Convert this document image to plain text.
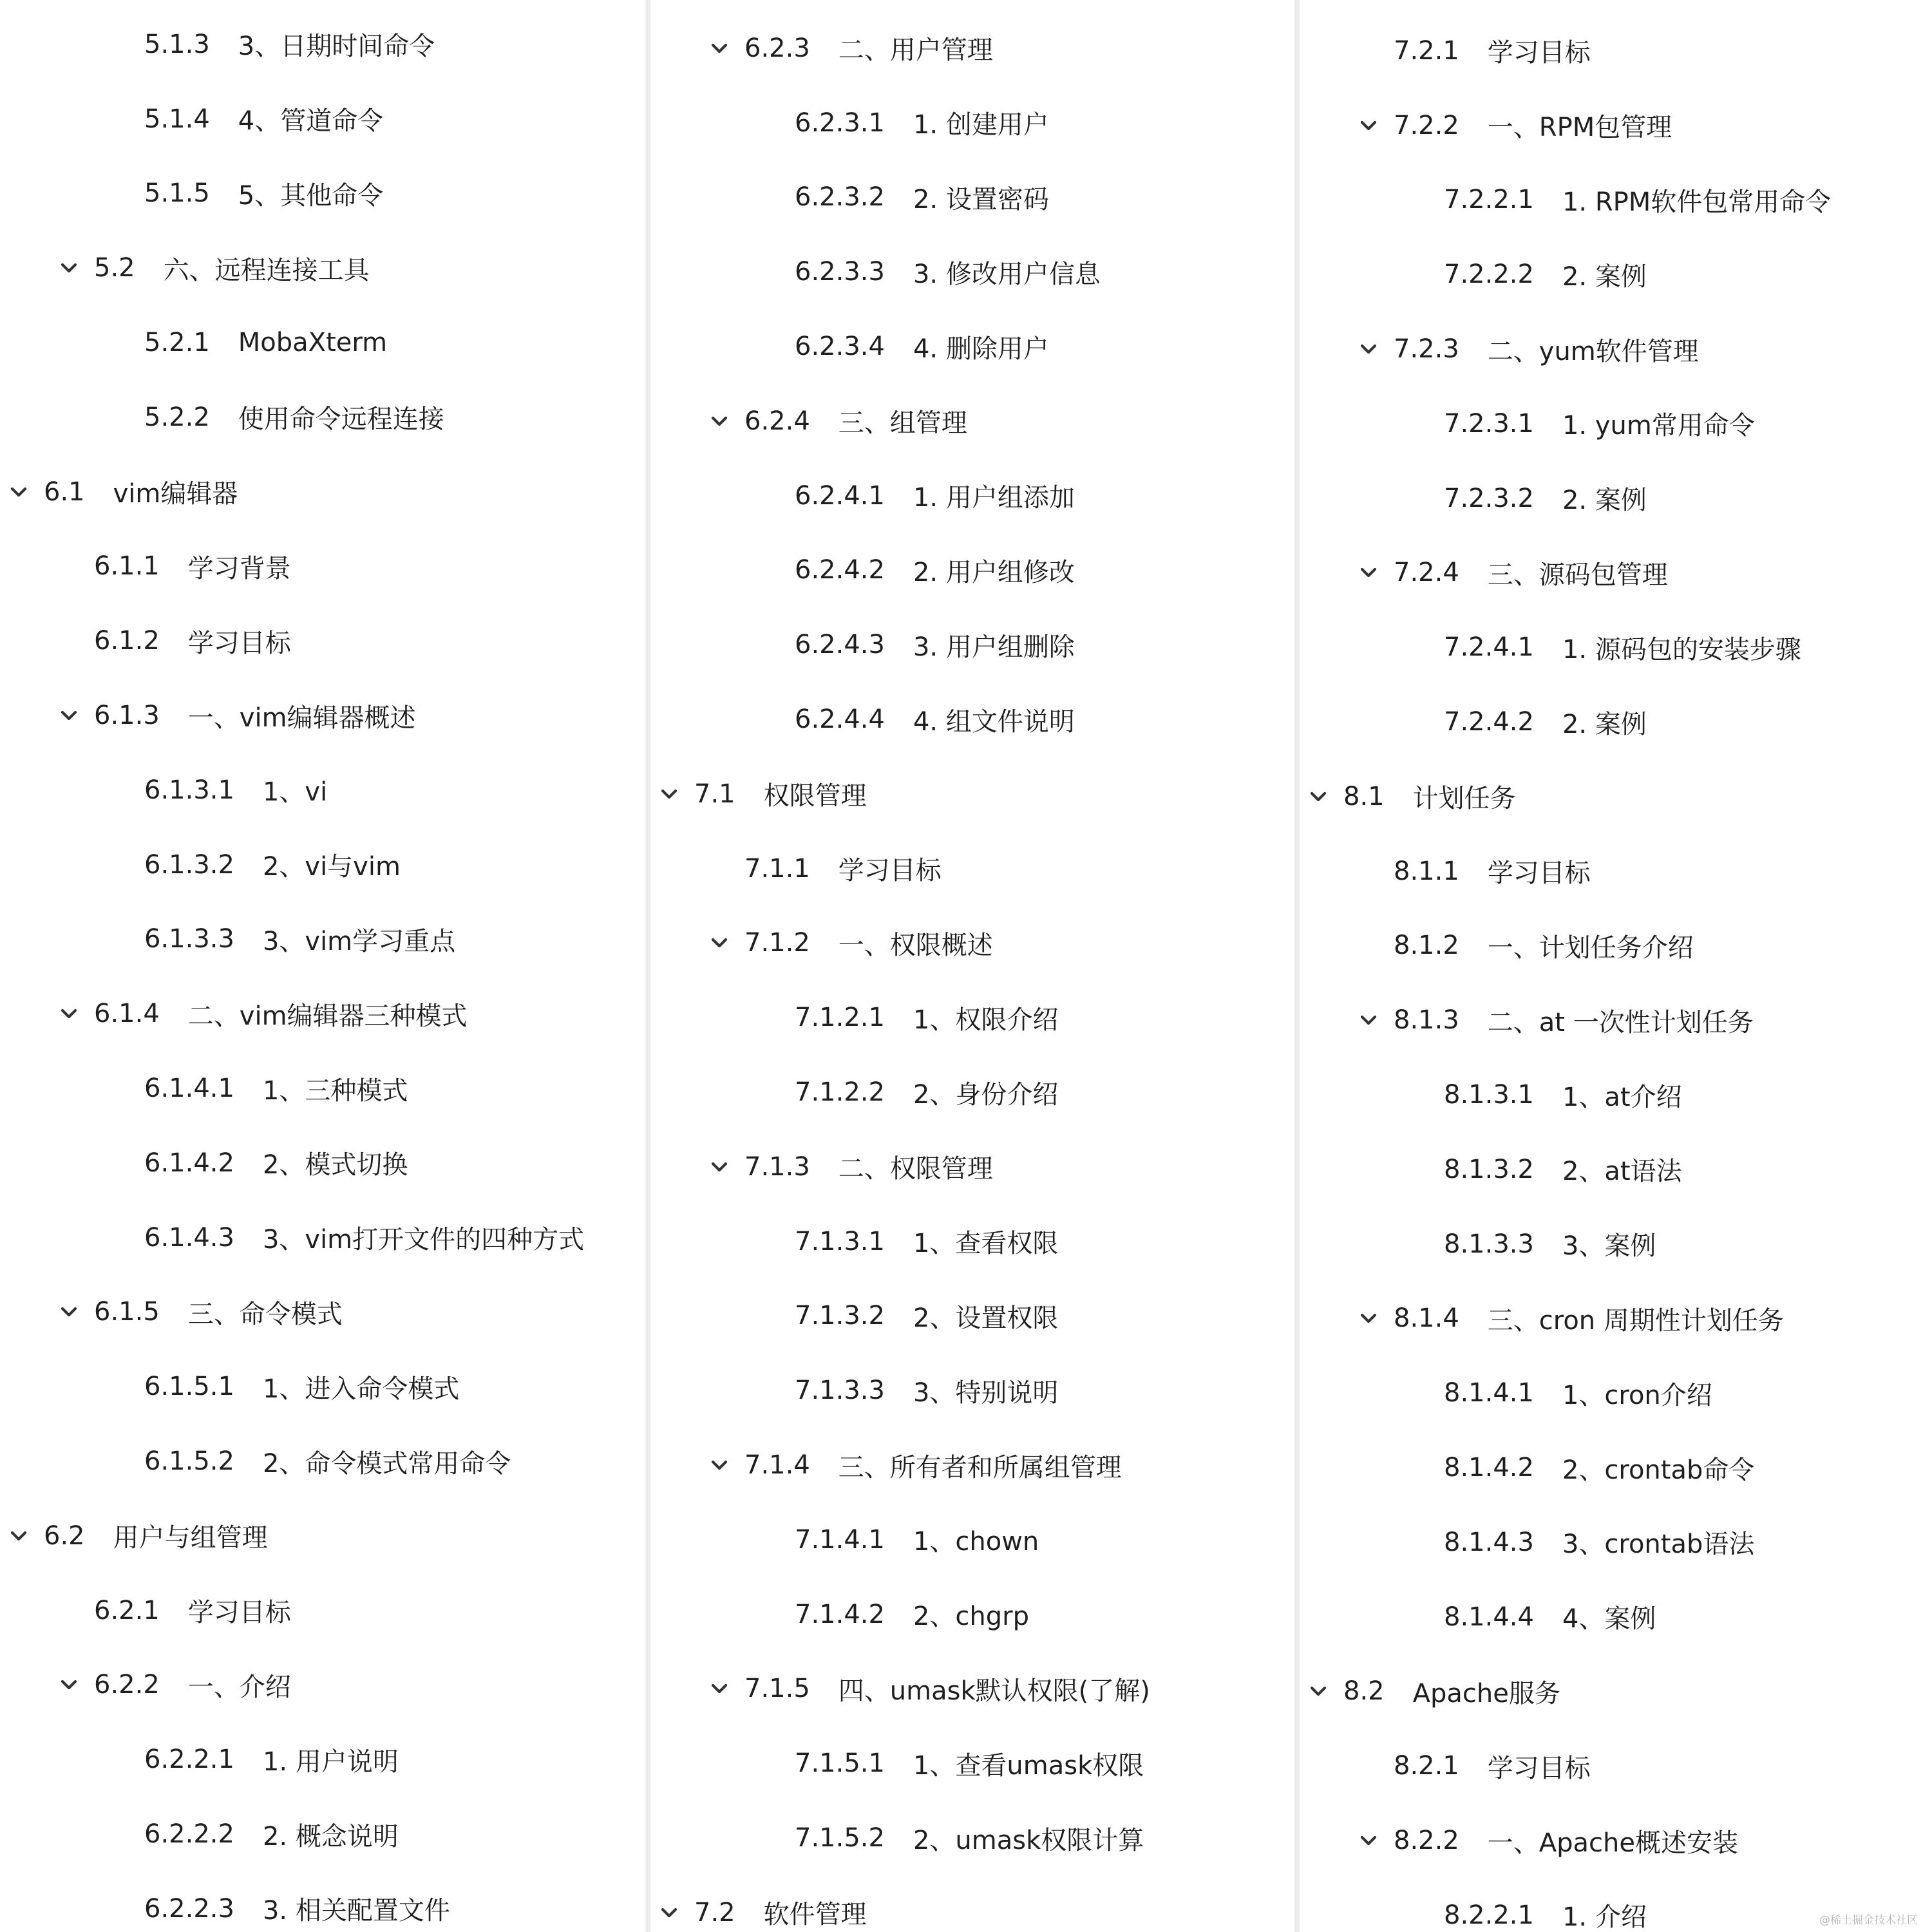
5.1.3 3、日期时间命令
5.1.4 4、管道命令
5.1.5 5、其他命令
5.2 六、远程连接工具
5.2.1 MobaXterm
5.2.2 使用命令远程连接
6.1 vim编辑器
6.1.1 学习背景
6.1.2 学习目标
6.1.3 一、vim编辑器概述
6.1.3.1 1、vi
6.1.3.2 2、vi与vim
6.1.3.3 3、vim学习重点
6.1.4 二、vim编辑器三种模式
6.1.4.1 1、三种模式
6.1.4.2 2、模式切换
6.1.4.3 3、vim打开文件的四种方式
6.1.5 三、命令模式
6.1.5.1 1、进入命令模式
6.1.5.2 2、命令模式常用命令
6.2 用户与组管理
6.2.1 学习目标
6.2.2 一、介绍
6.2.2.1 1. 用户说明
6.2.2.2 2. 概念说明
6.2.2.3 3. 相关配置文件
6.2.3 二、用户管理
6.2.3.1 1. 创建用户
6.2.3.2 2. 设置密码
6.2.3.3 3. 修改用户信息
6.2.3.4 4. 删除用户
6.2.4 三、组管理
6.2.4.1 1. 用户组添加
6.2.4.2 2. 用户组修改
6.2.4.3 3. 用户组删除
6.2.4.4 4. 组文件说明
7.1 权限管理
7.1.1 学习目标
7.1.2 一、权限概述
7.1.2.1 1、权限介绍
7.1.2.2 2、身份介绍
7.1.3 二、权限管理
7.1.3.1 1、查看权限
7.1.3.2 2、设置权限
7.1.3.3 3、特别说明
7.1.4 三、所有者和所属组管理
7.1.4.1 1、chown
7.1.4.2 2、chgrp
7.1.5 四、umask默认权限(了解)
7.1.5.1 1、查看umask权限
7.1.5.2 2、umask权限计算
7.2 软件管理
7.2.1 学习目标
7.2.2 一、RPM包管理
7.2.2.1 1. RPM软件包常用命令
7.2.2.2 2. 案例
7.2.3 二、yum软件管理
7.2.3.1 1. yum常用命令
7.2.3.2 2. 案例
7.2.4 三、源码包管理
7.2.4.1 1. 源码包的安装步骤
7.2.4.2 2. 案例
8.1 计划任务
8.1.1 学习目标
8.1.2 一、计划任务介绍
8.1.3 二、at 一次性计划任务
8.1.3.1 1、at介绍
8.1.3.2 2、at语法
8.1.3.3 3、案例
8.1.4 三、cron 周期性计划任务
8.1.4.1 1、cron介绍
8.1.4.2 2、crontab命令
8.1.4.3 3、crontab语法
8.1.4.4 4、案例
8.2 Apache服务
8.2.1 学习目标
8.2.2 一、Apache概述安装
8.2.2.1 1. 介绍	@稀土掘金技术社区
